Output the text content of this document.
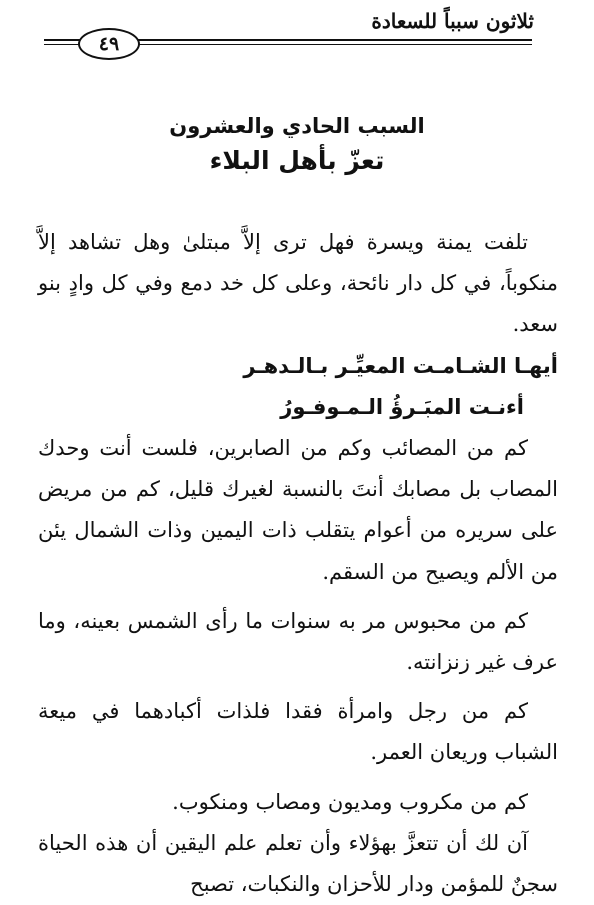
ثلاثون سبباً للسعادة
٤٩
السبب الحادي والعشرون
تعزّ بأهل البلاء

تلفت يمنة ويسرة فهل ترى إلاَّ مبتلىٰ وهل تشاهد إلاَّ منكوباً، في كل دار نائحة، وعلى كل خد دمع وفي كل وادٍ بنو سعد.

أيهـا الشـامـت المعيِّـر بـالـدهـر

أءنـت المبَـرؤُ الـمـوفـورُ

كم من المصائب وكم من الصابرين، فلست أنت وحدك المصاب بل مصابك أنتَ بالنسبة لغيرك قليل، كم من مريض على سريره من أعوام يتقلب ذات اليمين وذات الشمال يئن من الألم ويصيح من السقم.

كم من محبوس مر به سنوات ما رأى الشمس بعينه، وما عرف غير زنزانته.

كم من رجل وامرأة فقدا فلذات أكبادهما في ميعة الشباب وريعان العمر.

كم من مكروب ومديون ومصاب ومنكوب.

آن لك أن تتعزَّ بهؤلاء وأن تعلم علم اليقين أن هذه الحياة سجنٌ للمؤمن ودار للأحزان والنكبات، تصبح
